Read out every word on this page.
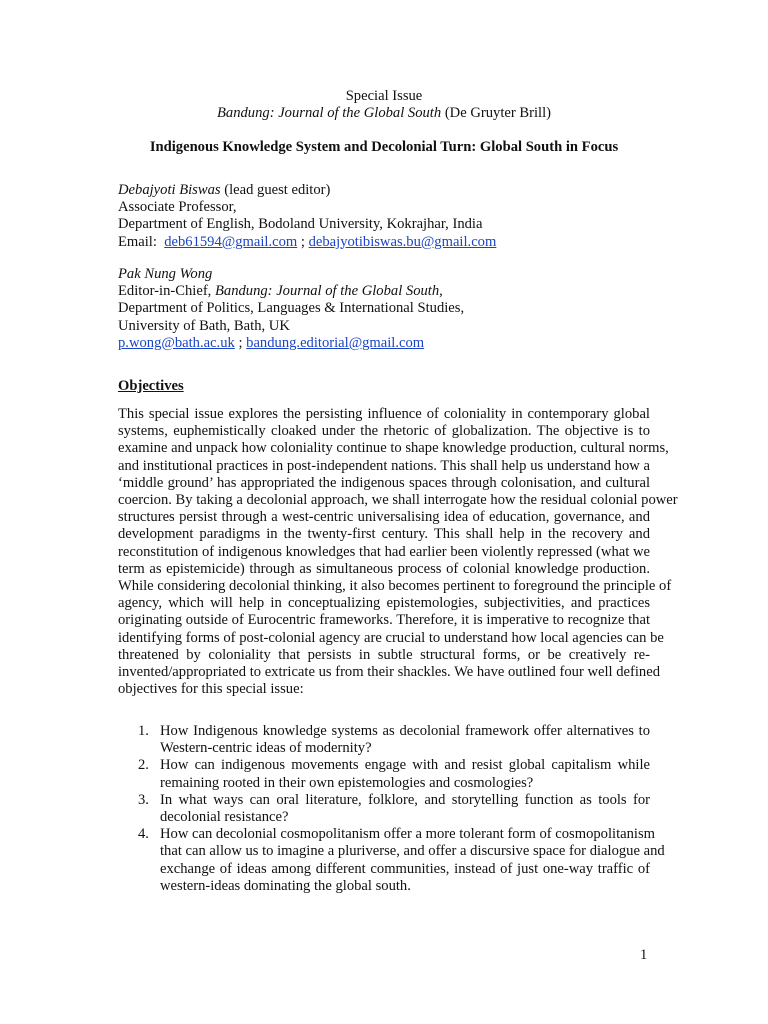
Special Issue
Bandung: Journal of the Global South (De Gruyter Brill)
Indigenous Knowledge System and Decolonial Turn: Global South in Focus
Debajyoti Biswas (lead guest editor)
Associate Professor,
Department of English, Bodoland University, Kokrajhar, India
Email:  deb61594@gmail.com ; debajyotibiswas.bu@gmail.com
Pak Nung Wong
Editor-in-Chief, Bandung: Journal of the Global South,
Department of Politics, Languages & International Studies,
University of Bath, Bath, UK
p.wong@bath.ac.uk ; bandung.editorial@gmail.com
Objectives
This special issue explores the persisting influence of coloniality in contemporary global
systems, euphemistically cloaked under the rhetoric of globalization. The objective is to
examine and unpack how coloniality continue to shape knowledge production, cultural norms,
and institutional practices in post-independent nations. This shall help us understand how a
‘middle ground’ has appropriated the indigenous spaces through colonisation, and cultural
coercion. By taking a decolonial approach, we shall interrogate how the residual colonial power
structures persist through a west-centric universalising idea of education, governance, and
development paradigms in the twenty-first century. This shall help in the recovery and
reconstitution of indigenous knowledges that had earlier been violently repressed (what we
term as epistemicide) through as simultaneous process of colonial knowledge production.
While considering decolonial thinking, it also becomes pertinent to foreground the principle of
agency, which will help in conceptualizing epistemologies, subjectivities, and practices
originating outside of Eurocentric frameworks. Therefore, it is imperative to recognize that
identifying forms of post-colonial agency are crucial to understand how local agencies can be
threatened by coloniality that persists in subtle structural forms, or be creatively re-
invented/appropriated to extricate us from their shackles. We have outlined four well defined
objectives for this special issue:
1. How Indigenous knowledge systems as decolonial framework offer alternatives to
Western-centric ideas of modernity?
2. How can indigenous movements engage with and resist global capitalism while
remaining rooted in their own epistemologies and cosmologies?
3. In what ways can oral literature, folklore, and storytelling function as tools for
decolonial resistance?
4. How can decolonial cosmopolitanism offer a more tolerant form of cosmopolitanism
that can allow us to imagine a pluriverse, and offer a discursive space for dialogue and
exchange of ideas among different communities, instead of just one-way traffic of
western-ideas dominating the global south.
1
